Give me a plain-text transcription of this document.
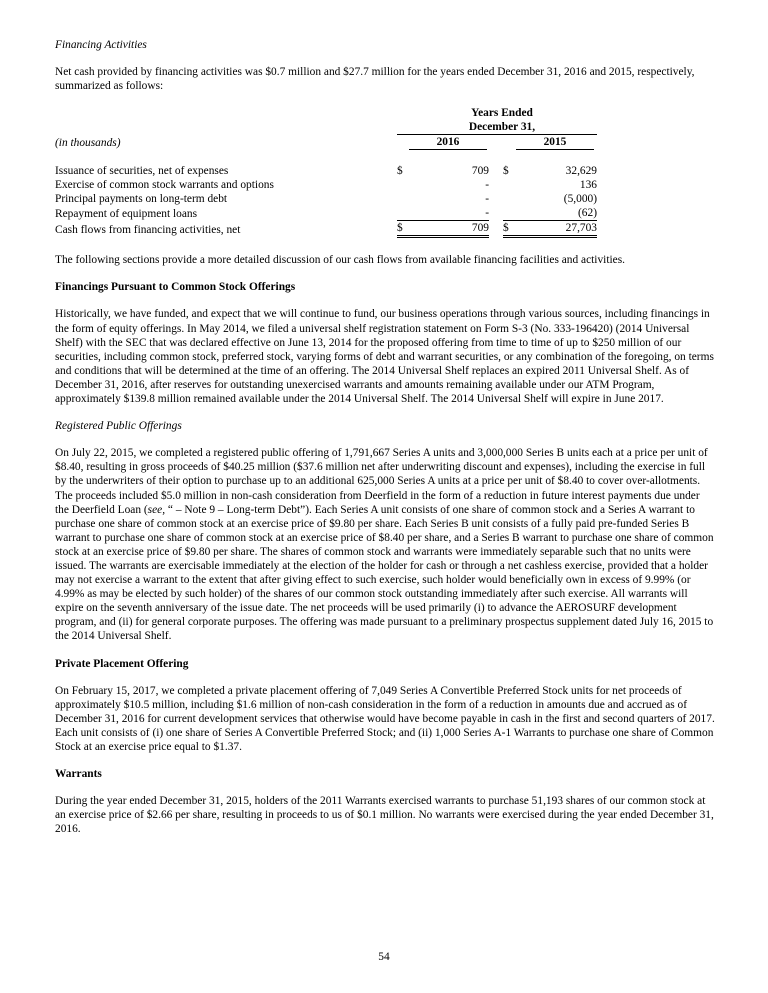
Financing Activities

Net cash provided by financing activities was $0.7 million and $27.7 million for the years ended December 31, 2016 and 2015, respectively, summarized as follows:

		Years Ended				
		December 31,				
(in thousands)		2016			2015	

Issuance of securities, net of expenses	$	709		$	32,629	
Exercise of common stock warrants and options		-			136	
Principal payments on long-term debt		-			(5,000)	
Repayment of equipment loans		-			(62)	
Cash flows from financing activities, net	$	709		$	27,703	

The following sections provide a more detailed discussion of our cash flows from available financing facilities and activities.

Financings Pursuant to Common Stock Offerings

Historically, we have funded, and expect that we will continue to fund, our business operations through various sources, including financings in the form of equity offerings. In May 2014, we filed a universal shelf registration statement on Form S-3 (No. 333-196420) (2014 Universal Shelf) with the SEC that was declared effective on June 13, 2014 for the proposed offering from time to time of up to $250 million of our securities, including common stock, preferred stock, varying forms of debt and warrant securities, or any combination of the foregoing, on terms and conditions that will be determined at the time of an offering. The 2014 Universal Shelf replaces an expired 2011 Universal Shelf. As of December 31, 2016, after reserves for outstanding unexercised warrants and amounts remaining available under our ATM Program, approximately $139.8 million remained available under the 2014 Universal Shelf. The 2014 Universal Shelf will expire in June 2017.

Registered Public Offerings

On July 22, 2015, we completed a registered public offering of 1,791,667 Series A units and 3,000,000 Series B units each at a price per unit of $8.40, resulting in gross proceeds of $40.25 million ($37.6 million net after underwriting discount and expenses), including the exercise in full by the underwriters of their option to purchase up to an additional 625,000 Series A units at a price per unit of $8.40 to cover over-allotments. The proceeds included $5.0 million in non-cash consideration from Deerfield in the form of a reduction in future interest payments due under the Deerfield Loan (see, “ – Note 9 – Long-term Debt”). Each Series A unit consists of one share of common stock and a Series A warrant to purchase one share of common stock at an exercise price of $9.80 per share. Each Series B unit consists of a fully paid pre-funded Series B warrant to purchase one share of common stock at an exercise price of $8.40 per share, and a Series B warrant to purchase one share of common stock at an exercise price of $9.80 per share. The shares of common stock and warrants were immediately separable such that no units were issued. The warrants are exercisable immediately at the election of the holder for cash or through a net cashless exercise, provided that a holder may not exercise a warrant to the extent that after giving effect to such exercise, such holder would beneficially own in excess of 9.99% (or 4.99% as may be elected by such holder) of the shares of our common stock outstanding immediately after such exercise. All warrants will expire on the seventh anniversary of the issue date. The net proceeds will be used primarily (i) to advance the AEROSURF development program, and (ii) for general corporate purposes. The offering was made pursuant to a preliminary prospectus supplement dated July 16, 2015 to the 2014 Universal Shelf.

Private Placement Offering

On February 15, 2017, we completed a private placement offering of 7,049 Series A Convertible Preferred Stock units for net proceeds of approximately $10.5 million, including $1.6 million of non-cash consideration in the form of a reduction in amounts due and accrued as of December 31, 2016 for current development services that otherwise would have become payable in cash in the first and second quarters of 2017. Each unit consists of (i) one share of Series A Convertible Preferred Stock; and (ii) 1,000 Series A-1 Warrants to purchase one share of Common Stock at an exercise price equal to $1.37.

Warrants

During the year ended December 31, 2015, holders of the 2011 Warrants exercised warrants to purchase 51,193 shares of our common stock at an exercise price of $2.66 per share, resulting in proceeds to us of $0.1 million. No warrants were exercised during the year ended December 31, 2016.

54
